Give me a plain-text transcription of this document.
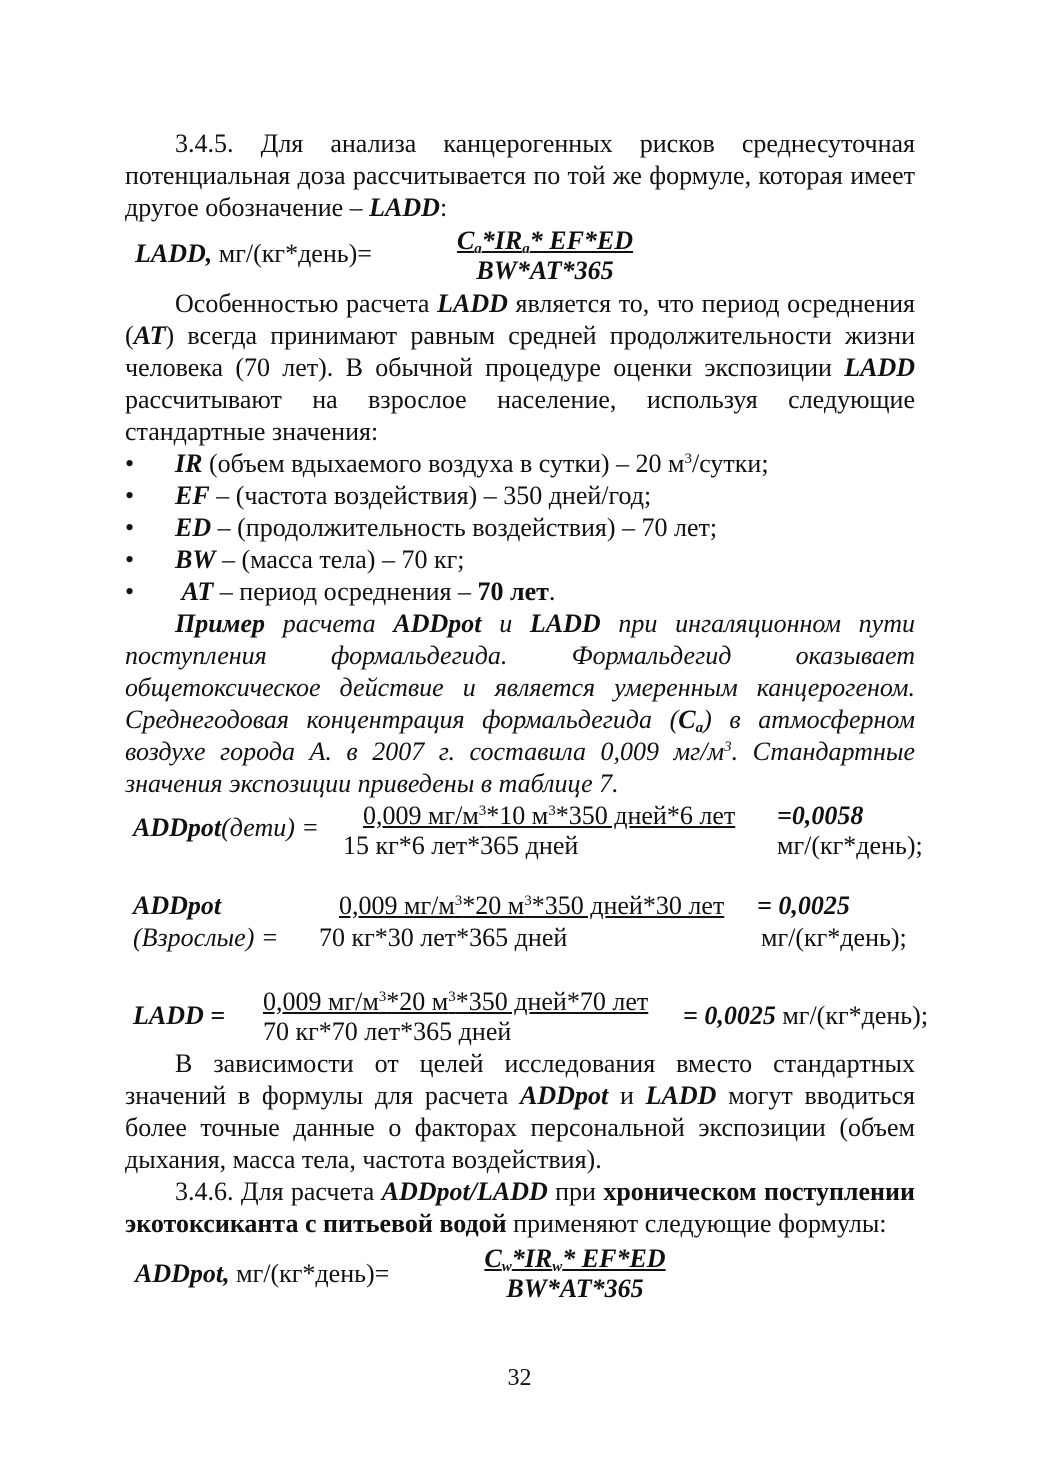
3.4.5. Для анализа канцерогенных рисков среднесуточная потенциальная доза рассчитывается по той же формуле, которая имеет другое обозначение – LADD:

LADD, мг/(кг*день)=	$C_a*IR_a*$ EF*ED
BW*AT*365

Особенностью расчета LADD является то, что период осреднения (AT) всегда принимают равным средней продолжительности жизни человека (70 лет). В обычной процедуре оценки экспозиции LADD рассчитывают на взрослое население, используя следующие стандартные значения:

• IR (объем вдыхаемого воздуха в сутки) – 20 $м^3$/сутки;
• EF – (частота воздействия) – 350 дней/год;
• ED – (продолжительность воздействия) – 70 лет;
• BW – (масса тела) – 70 кг;
• AT – период осреднения – 70 лет.

Пример расчета ADDpot и LADD при ингаляционном пути поступления формальдегида. Формальдегид оказывает общетоксическое действие и является умеренным канцерогеном. Среднегодовая концентрация формальдегида $(C_a)$ в атмосферном воздухе города А. в 2007 г. составила 0,009 $мг/м^3$. Стандартные значения экспозиции приведены в таблице 7.

ADDpot(дети) = 0,009 $мг/м^3*10$ $м^3*350$ дней*6 лет
15 кг*6 лет*365 дней
=0,0058
мг/(кг*день);
ADDpot
(Взрослые) =
0,009 $мг/м^3*20$ $м^3*350$ дней*30 лет
70 кг*30 лет*365 дней
= 0,0025
мг/(кг*день);
LADD = 0,009 $мг/м^3*20$ $м^3*350$ дней*70 лет
70 кг*70 лет*365 дней
= 0,0025 мг/(кг*день);

В зависимости от целей исследования вместо стандартных значений в формулы для расчета ADDpot и LADD могут вводиться более точные данные о факторах персональной экспозиции (объем дыхания, масса тела, частота воздействия).

3.4.6. Для расчета ADDpot/LADD при хроническом поступлении экотоксиканта с питьевой водой применяют следующие формулы:

ADDpot, мг/(кг*день)=
$C_w*IR_w*$ EF*ED
BW*AT*365
32
